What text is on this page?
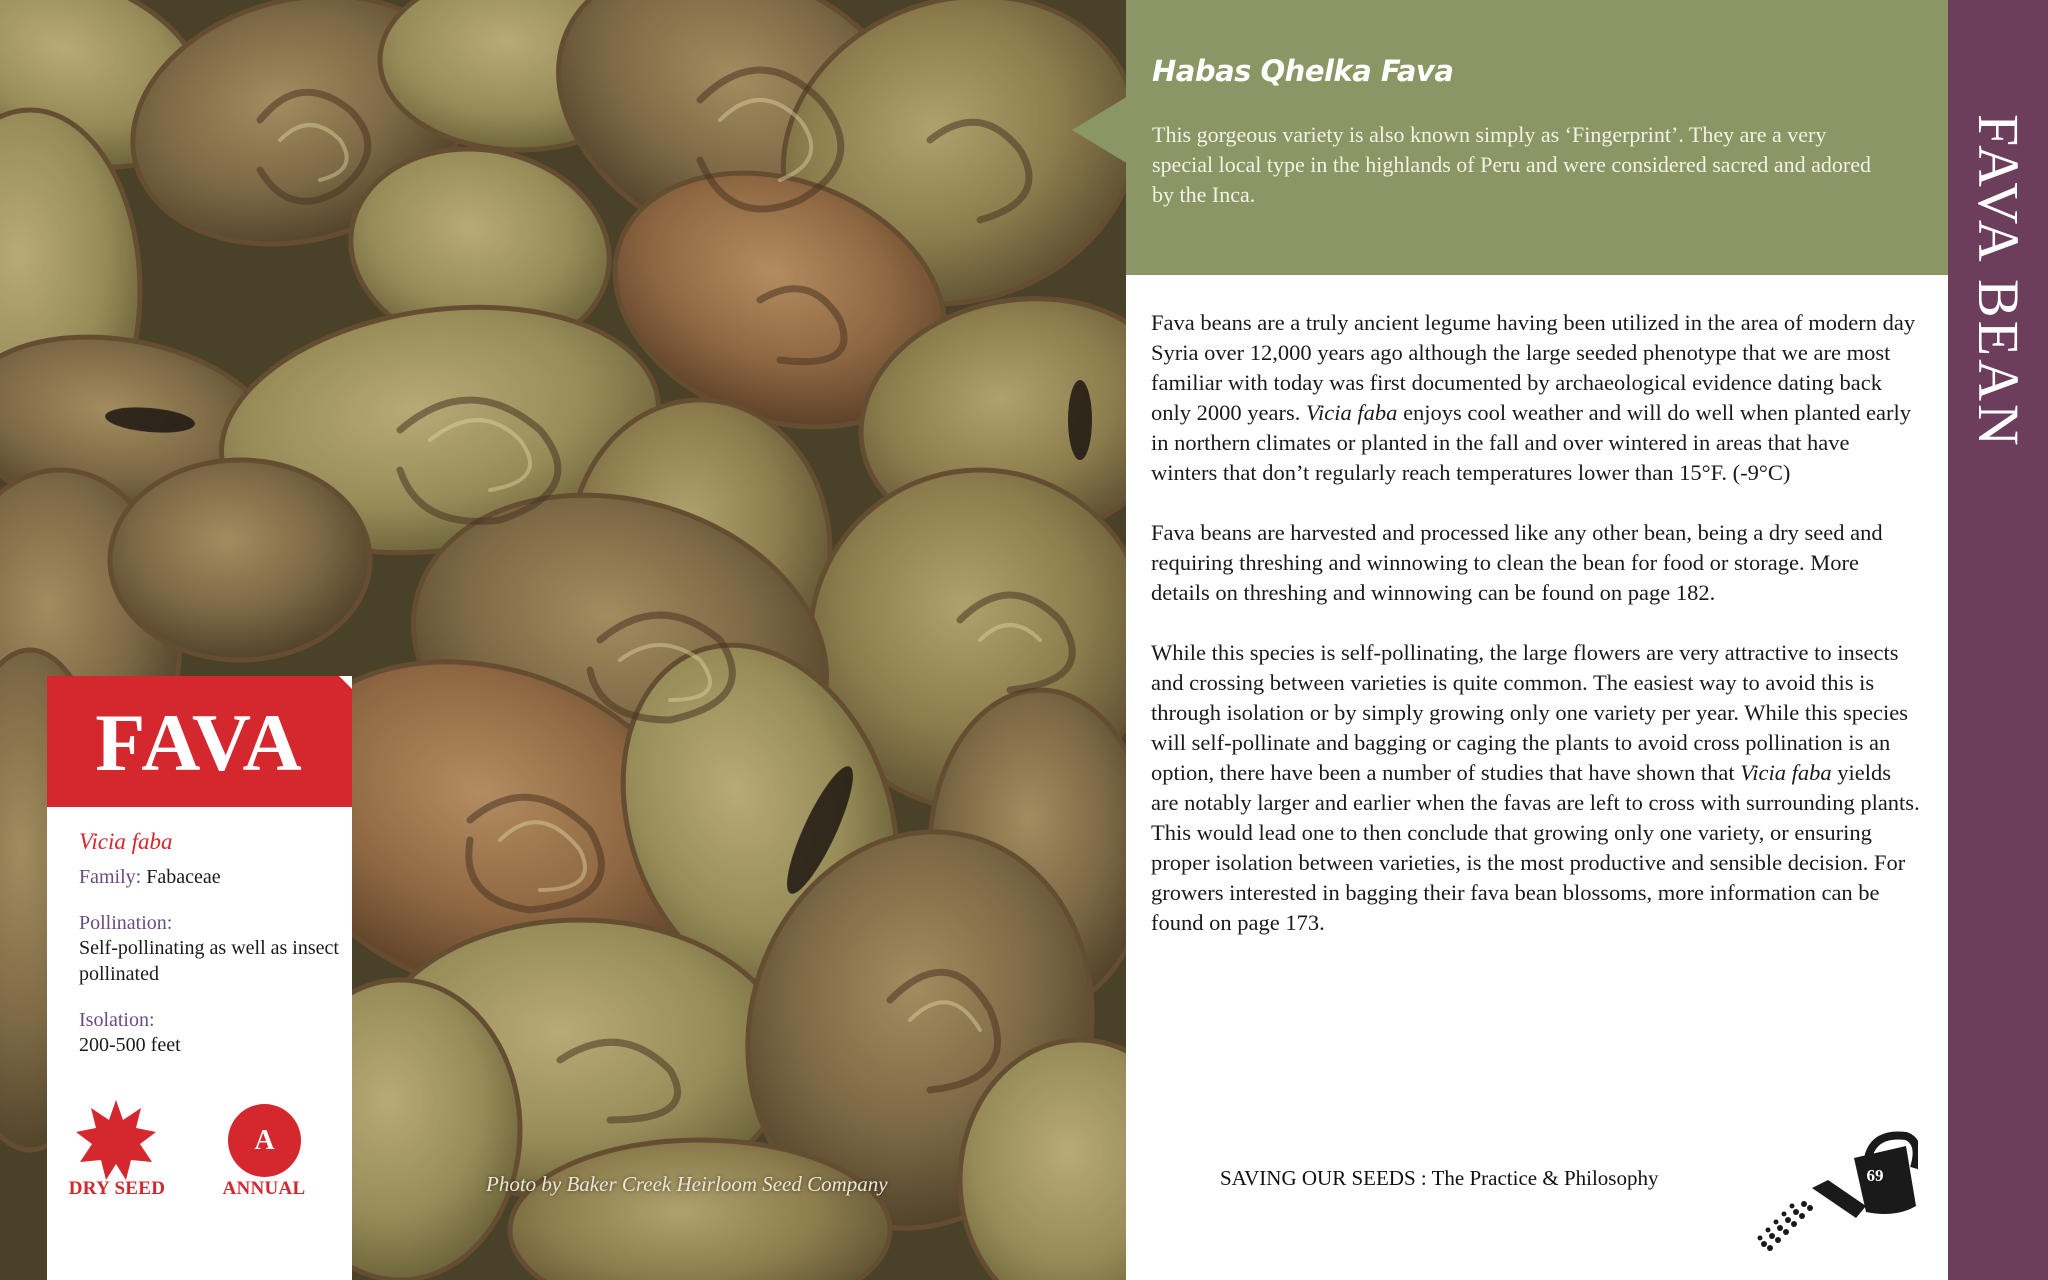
Photo by Baker Creek Heirloom Seed Company
FAVA
Vicia faba
Family: Fabaceae
Pollination:
Self-pollinating as well as insect pollinated
Isolation:
200-500 feet
A
DRY SEED	ANNUAL
Habas Qhelka Fava
This gorgeous variety is also known simply as ‘Fingerprint’. They are a very special local type in the highlands of Peru and were considered sacred and adored by the Inca.

Fava beans are a truly ancient legume having been utilized in the area of modern day Syria over 12,000 years ago although the large seeded phenotype that we are most familiar with today was first documented by archaeological evidence dating back only 2000 years. Vicia faba enjoys cool weather and will do well when planted early in northern climates or planted in the fall and over wintered in areas that have winters that don’t regularly reach temperatures lower than 15°F. (-9°C)

Fava beans are harvested and processed like any other bean, being a dry seed and requiring threshing and winnowing to clean the bean for food or storage. More details on threshing and winnowing can be found on page 182.

While this species is self-pollinating, the large flowers are very attractive to insects and crossing between varieties is quite common. The easiest way to avoid this is through isolation or by simply growing only one variety per year. While this species will self-pollinate and bagging or caging the plants to avoid cross pollination is an option, there have been a number of studies that have shown that Vicia faba yields are notably larger and earlier when the favas are left to cross with surrounding plants. This would lead one to then conclude that growing only one variety, or ensuring proper isolation between varieties, is the most productive and sensible decision. For growers interested in bagging their fava bean blossoms, more information can be found on page 173.

SAVING OUR SEEDS : The Practice & Philosophy	69
FAVA BEAN
